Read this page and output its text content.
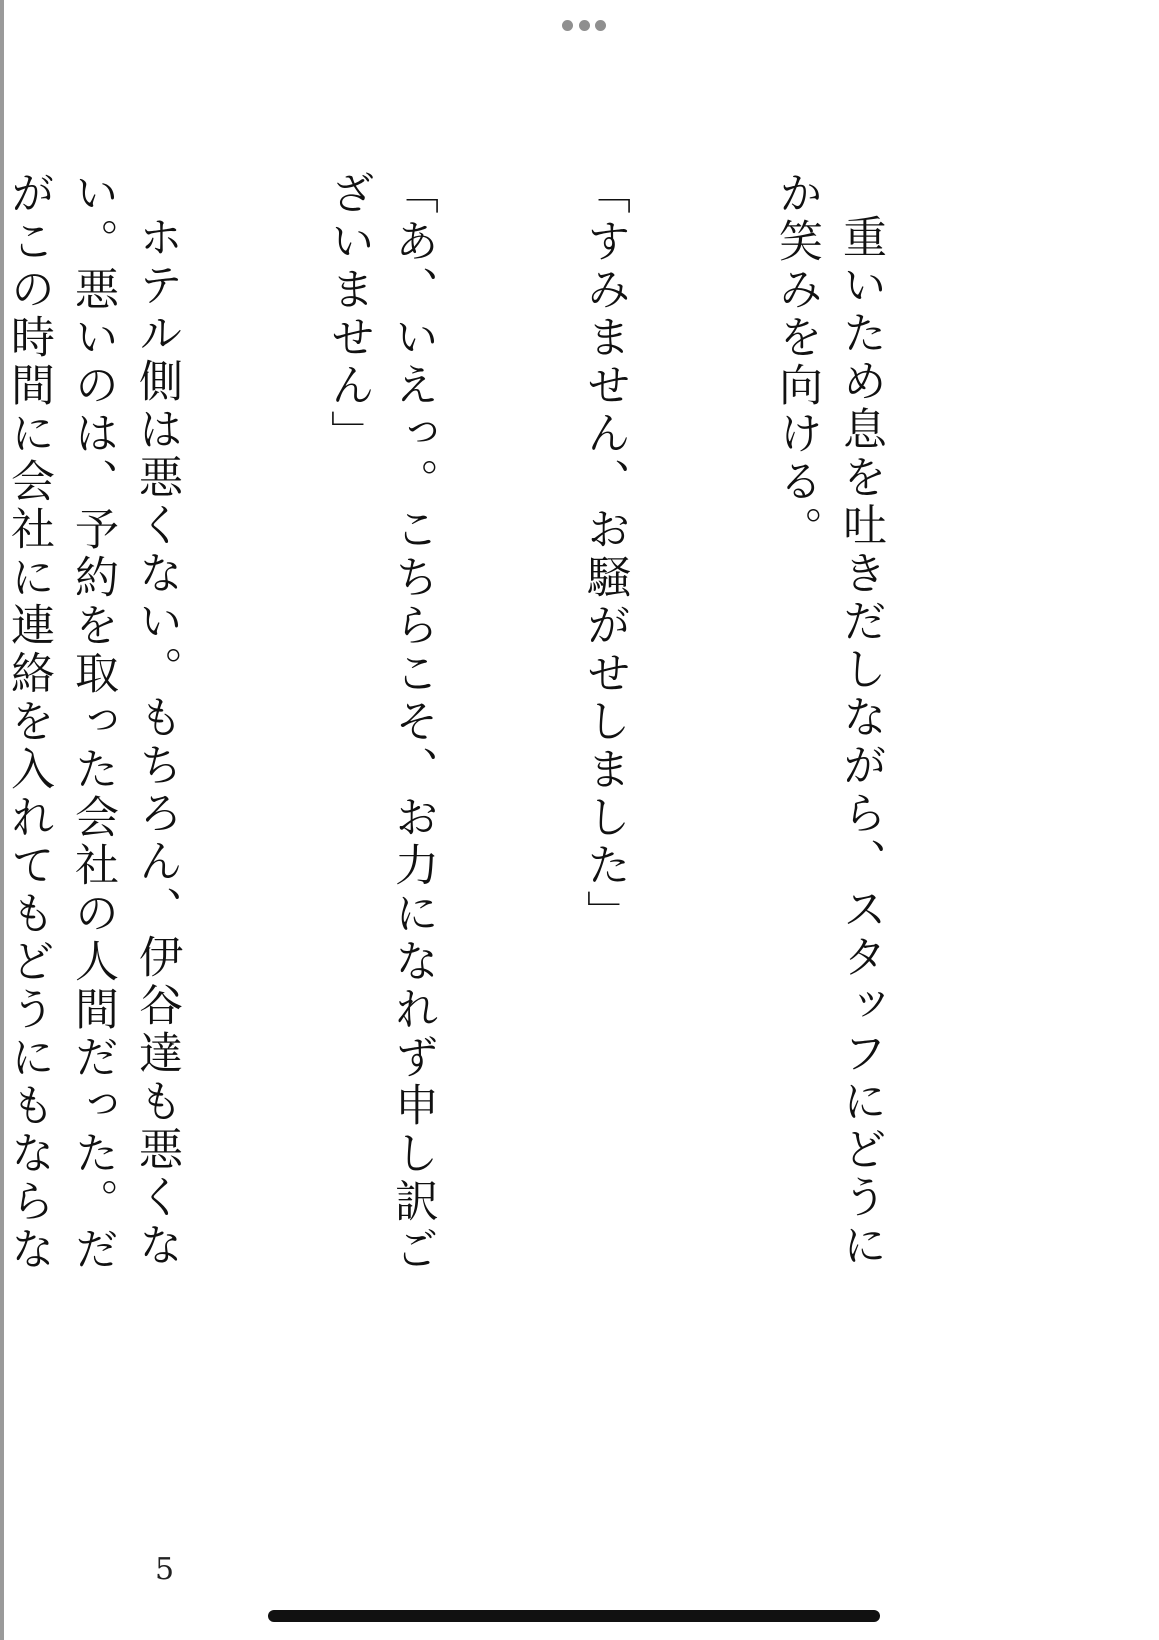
重いため息を吐きだしながら、スタッフにどうにか笑みを向ける。

「すみません、お騒がせしました」

「あ、いえっ。こちらこそ、お力になれず申し訳ございません」

ホテル側は悪くない。もちろん、伊谷達も悪くない。悪いのは、予約を取った会社の人間だった。だがこの時間に会社に連絡を入れてもどうにもならな

5
